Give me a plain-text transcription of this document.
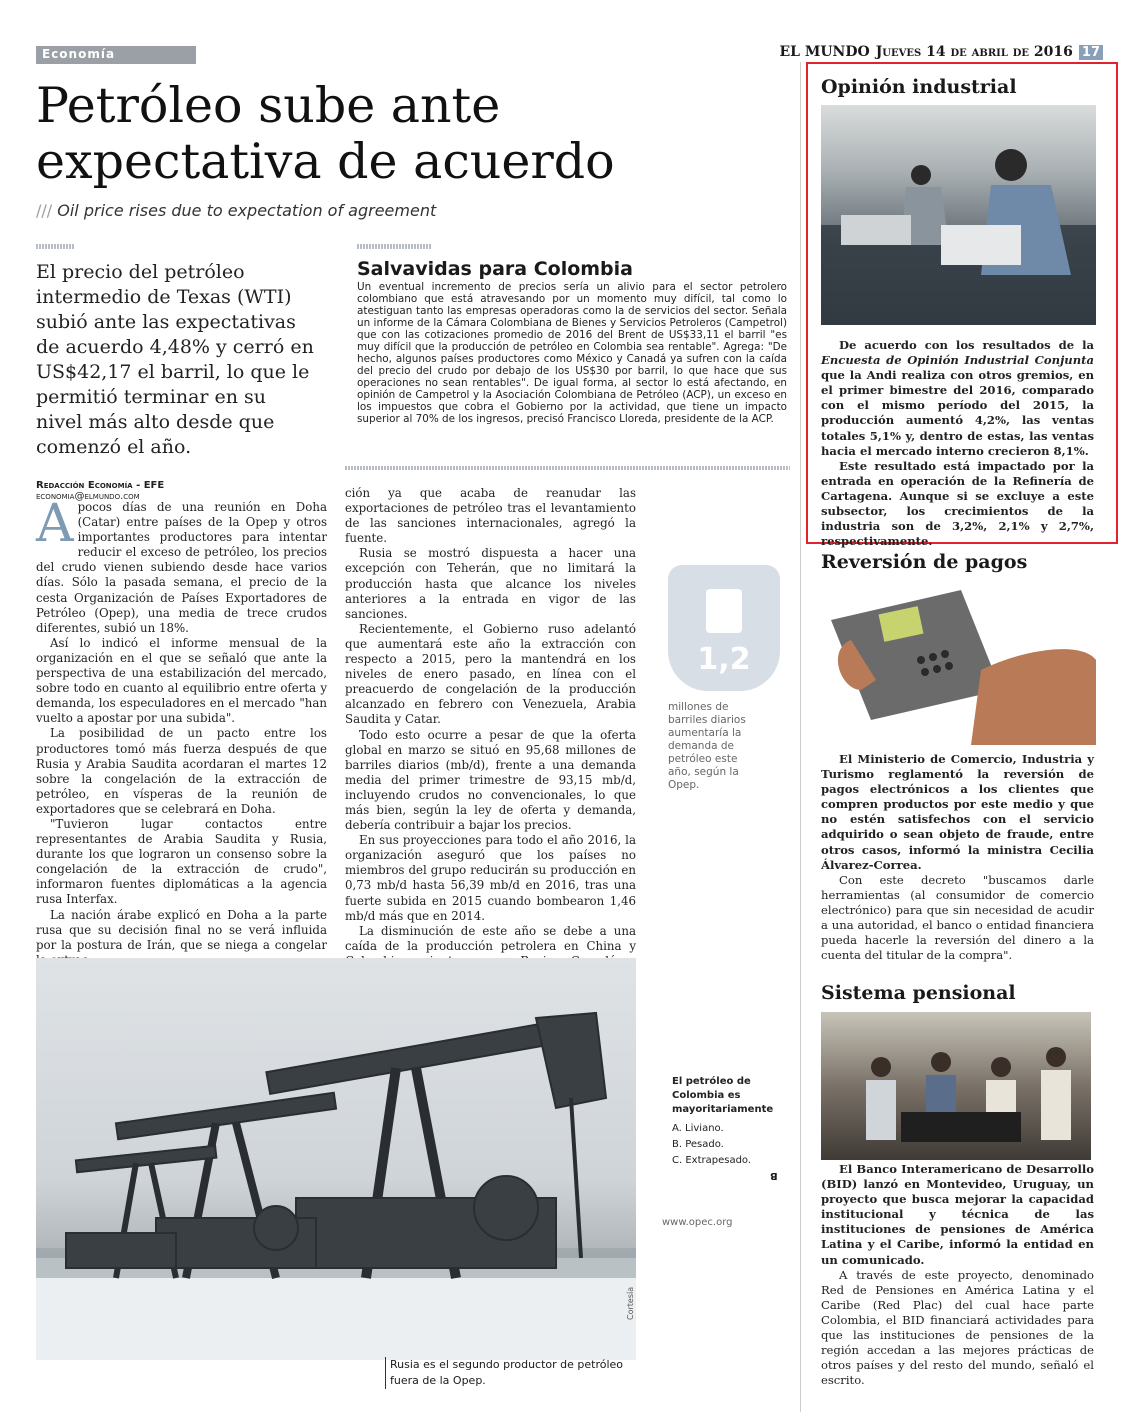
Economía	EL MUNDO Jueves 14 de abril de 2016 17
Petróleo sube ante expectativa de acuerdo
/// Oil price rises due to expectation of agreement
El precio del petróleo intermedio de Texas (WTI) subió ante las expectativas de acuerdo 4,48% y cerró en US$42,17 el barril, lo que le permitió terminar en su nivel más alto desde que comenzó el año.
Redacción Economía - EFE
economia@elmundo.com
Salvavidas para Colombia
Un eventual incremento de precios sería un alivio para el sector petrolero colombiano que está atravesando por un momento muy difícil, tal como lo atestiguan tanto las empresas operadoras como la de servicios del sector. Señala un informe de la Cámara Colombiana de Bienes y Servicios Petroleros (Campetrol) que con las cotizaciones promedio de 2016 del Brent de US$33,11 el barril "es muy difícil que la producción de petróleo en Colombia sea rentable". Agrega: "De hecho, algunos países productores como México y Canadá ya sufren con la caída del precio del crudo por debajo de los US$30 por barril, lo que hace que sus operaciones no sean rentables". De igual forma, al sector lo está afectando, en opinión de Campetrol y la Asociación Colombiana de Petróleo (ACP), un exceso en los impuestos que cobra el Gobierno por la actividad, que tiene un impacto superior al 70% de los ingresos, precisó Francisco Lloreda, presidente de la ACP.
A pocos días de una reunión en Doha (Catar) entre países de la Opep y otros importantes productores para intentar reducir el exceso de petróleo, los precios del crudo vienen subiendo desde hace varios días. Sólo la pasada semana, el precio de la cesta Organización de Países Exportadores de Petróleo (Opep), una media de trece crudos diferentes, subió un 18%.

Así lo indicó el informe mensual de la organización en el que se señaló que ante la perspectiva de una estabilización del mercado, sobre todo en cuanto al equilibrio entre oferta y demanda, los especuladores en el mercado "han vuelto a apostar por una subida".

La posibilidad de un pacto entre los productores tomó más fuerza después de que Rusia y Arabia Saudita acordaran el martes 12 sobre la congelación de la extracción de petróleo, en vísperas de la reunión de exportadores que se celebrará en Doha.

"Tuvieron lugar contactos entre representantes de Arabia Saudita y Rusia, durante los que lograron un consenso sobre la congelación de la extracción de crudo", informaron fuentes diplomáticas a la agencia rusa Interfax.

La nación árabe explicó en Doha a la parte rusa que su decisión final no se verá influida por la postura de Irán, que se niega a congelar

ción ya que acaba de reanudar las exportaciones de petróleo tras el levantamiento de las sanciones internacionales, agregó la fuente.

Rusia se mostró dispuesta a hacer una excepción con Teherán, que no limitará la producción hasta que alcance los niveles anteriores a la entrada en vigor de las sanciones.

Recientemente, el Gobierno ruso adelantó que aumentará este año la extracción con respecto a 2015, pero la mantendrá en los niveles de enero pasado, en línea con el preacuerdo de congelación de la producción alcanzado en febrero con Venezuela, Arabia Saudita y Catar.

Todo esto ocurre a pesar de que la oferta global en marzo se situó en 95,68 millones de barriles diarios (mb/d), frente a una demanda media del primer trimestre de 93,15 mb/d, incluyendo crudos no convencionales, lo que más bien, según la ley de oferta y demanda, debería contribuir a bajar los precios.

En sus proyecciones para todo el año 2016, la organización aseguró que los países no miembros del grupo reducirán su producción en 0,73 mb/d hasta 56,39 mb/d en 2016, tras una fuerte subida en 2015 cuando bombearon 1,46 mb/d más que en 2014.

La disminución de este año se debe a una caída de la producción petrolera en China y

1,2
millones de barriles diarios aumentaría la demanda de petróleo este año, según la Opep.
El petróleo de Colombia es mayoritariamente
A. Liviano.
B. Pesado.
C. Extrapesado.
B
www.opec.org
Cortesía
Rusia es el segundo productor de petróleo fuera de la Opep.
Opinión industrial

De acuerdo con los resultados de la Encuesta de Opinión Industrial Conjunta que la Andi realiza con otros gremios, en el primer bimestre del 2016, comparado con el mismo período del 2015, la producción aumentó 4,2%, las ventas totales 5,1% y, dentro de estas, las ventas hacia el mercado interno crecieron 8,1%.

Este resultado está impactado por la entrada en operación de la Refinería de Cartagena. Aunque si se excluye a este subsector, los crecimientos de la industria son de 3,2%, 2,1% y 2,7%, respectivamente.

Reversión de pagos

El Ministerio de Comercio, Industria y Turismo reglamentó la reversión de pagos electrónicos a los clientes que compren productos por este medio y que no estén satisfechos con el servicio adquirido o sean objeto de fraude, entre otros casos, informó la ministra Cecilia Álvarez-Correa.

Con este decreto "buscamos darle herramientas (al consumidor de comercio electrónico) para que sin necesidad de acudir a una autoridad, el banco o entidad financiera pueda hacerle la reversión del dinero a la cuenta del titular de la compra".

Sistema pensional

El Banco Interamericano de Desarrollo (BID) lanzó en Montevideo, Uruguay, un proyecto que busca mejorar la capacidad institucional y técnica de las instituciones de pensiones de América Latina y el Caribe, informó la entidad en un comunicado.

A través de este proyecto, denominado Red de Pensiones en América Latina y el Caribe (Red Plac) del cual hace parte Colombia, el BID financiará actividades para que las instituciones de pensiones de la región accedan a las mejores prácticas de otros países y del resto del mundo, señaló el escrito.
